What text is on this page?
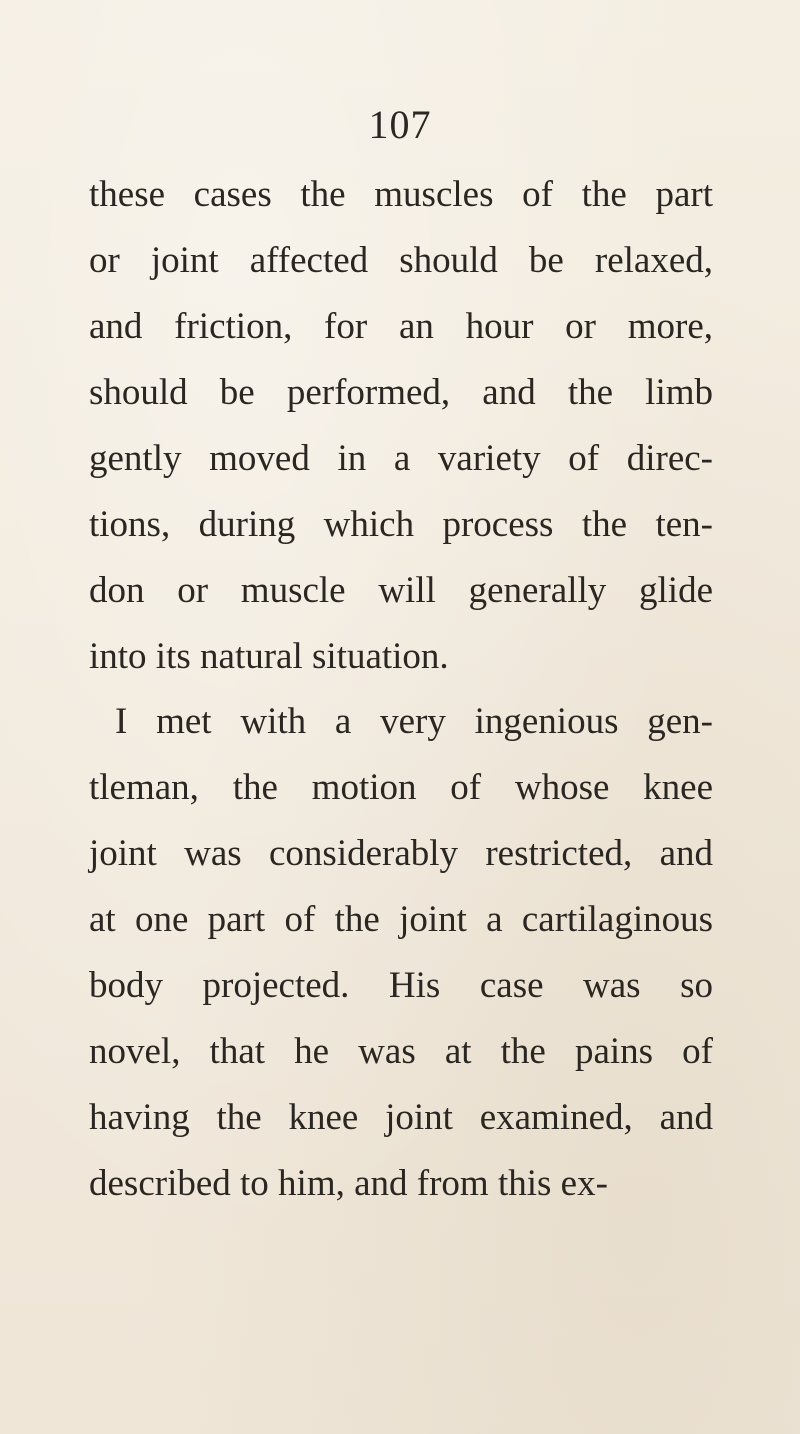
107
these cases the muscles of the part
or joint affected should be relaxed,
and friction, for an hour or more,
should be performed, and the limb
gently moved in a variety of direc-
tions, during which process the ten-
don or muscle will generally glide
into its natural situation.
I met with a very ingenious gen-
tleman, the motion of whose knee
joint was considerably restricted, and
at one part of the joint a cartilaginous
body projected. His case was so
novel, that he was at the pains of
having the knee joint examined, and
described to him, and from this ex-
